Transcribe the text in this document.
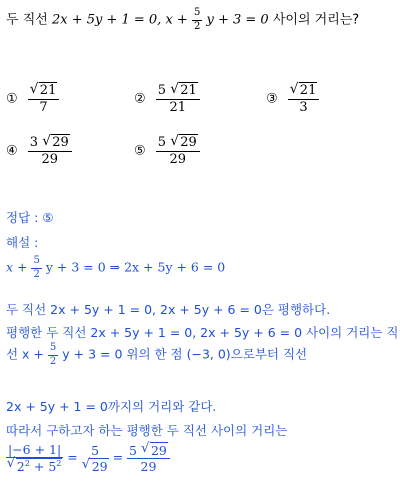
두 직선 2x + 5y + 1 = 0, $x + \frac{5}{2}$ y + 3 = 0 사이의 거리는?
① √ $\frac{21}{7}$	② $\frac{5 √ 21}{21}$	③ √ $\frac{21}{3}$
④ $\frac{3 √ 29}{29}$	⑤ $\frac{5 √ 29}{29}$
정답 : ⑤
해설 :
$x + \frac{5}{2}$ y + 3 = 0 ⇒ 2x + 5y + 6 = 0
두 직선 2x + 5y + 1 = 0, 2x + 5y + 6 = 0은 평행하다.
평행한 두 직선 2x + 5y + 1 = 0, 2x + 5y + 6 = 0 사이의 거리는 직
선 $x + \frac{5}{2}$ y + 3 = 0 위의 한 점 (−3, 0)으로부터 직선
2x + 5y + 1 = 0까지의 거리와 같다.
따라서 구하고자 하는 평행한 두 직선 사이의 거리는
|−6 + 1|
√ $2^2 + 5^2 = 5$
√ $29 = \frac{5 √ 29}{29}$
